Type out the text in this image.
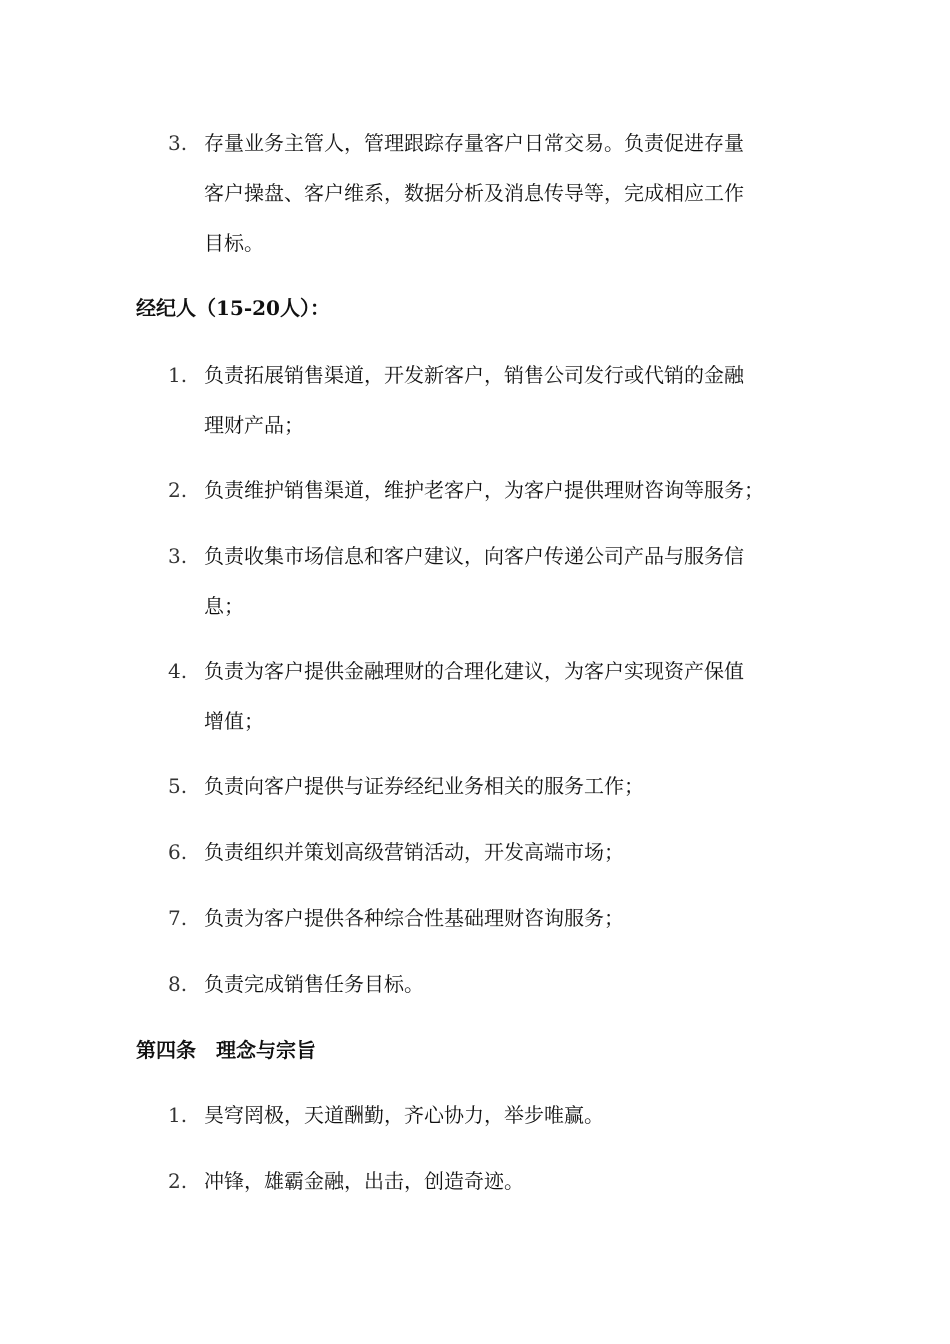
3. 存量业务主管人，管理跟踪存量客户日常交易。负责促进存量
客户操盘、客户维系，数据分析及消息传导等，完成相应工作
目标。
经纪人（15-20人）：
1. 负责拓展销售渠道，开发新客户，销售公司发行或代销的金融
理财产品；
2. 负责维护销售渠道，维护老客户，为客户提供理财咨询等服务；
3. 负责收集市场信息和客户建议，向客户传递公司产品与服务信
息；
4. 负责为客户提供金融理财的合理化建议，为客户实现资产保值
增值；
5. 负责向客户提供与证券经纪业务相关的服务工作；
6. 负责组织并策划高级营销活动，开发高端市场；
7. 负责为客户提供各种综合性基础理财咨询服务；
8. 负责完成销售任务目标。
第四条　理念与宗旨
1. 昊穹罔极，天道酬勤，齐心协力，举步唯赢。
2. 冲锋，雄霸金融，出击，创造奇迹。
